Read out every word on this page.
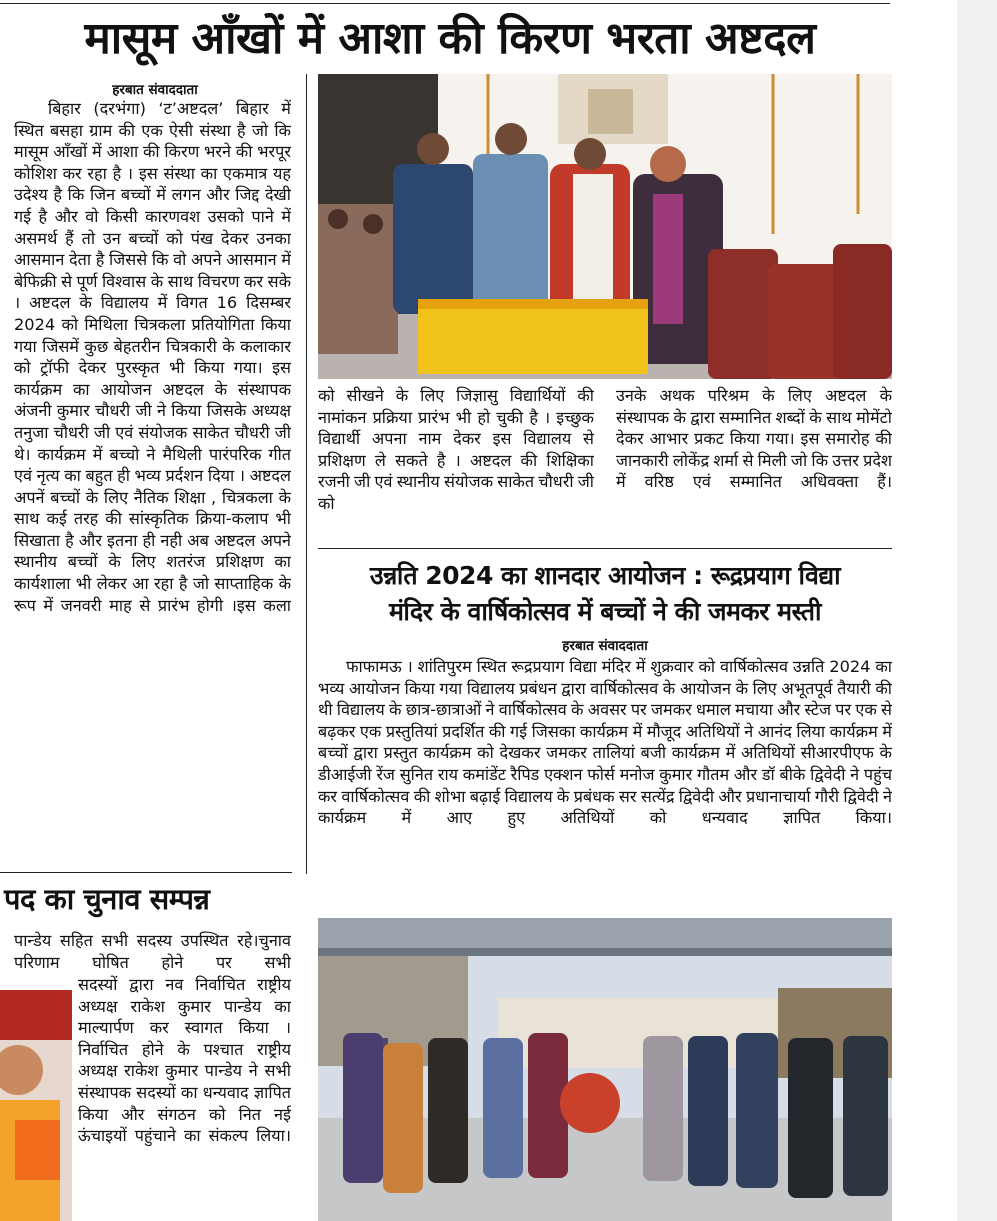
मासूम आँखों में आशा की किरण भरता अष्टदल
हरबात संवाददाता

बिहार (दरभंगा) ‘ट’अष्टदल’ बिहार में स्थित बसहा ग्राम की एक ऐसी संस्था है जो कि मासूम आँखों में आशा की किरण भरने की भरपूर कोशिश कर रहा है । इस संस्था का एकमात्र यह उदेश्य है कि जिन बच्चों में लगन और जिद्द देखी गई है और वो किसी कारणवश उसको पाने में असमर्थ हैं तो उन बच्चों को पंख देकर उनका आसमान देता है जिससे कि वो अपने आसमान में बेफिक्री से पूर्ण विश्वास के साथ विचरण कर सके । अष्टदल के विद्यालय में विगत 16 दिसम्बर 2024 को मिथिला चित्रकला प्रतियोगिता किया गया जिसमें कुछ बेहतरीन चित्रकारी के कलाकार को ट्रॉफी देकर पुरस्कृत भी किया गया। इस कार्यक्रम का आयोजन अष्टदल के संस्थापक अंजनी कुमार चौधरी जी ने किया जिसके अध्यक्ष तनुजा चौधरी जी एवं संयोजक साकेत चौधरी जी थे। कार्यक्रम में बच्चो ने मैथिली पारंपरिक गीत एवं नृत्य का बहुत ही भव्य प्रर्दशन दिया । अष्टदल अपनें बच्चों के लिए नैतिक शिक्षा , चित्रकला के साथ कई तरह की सांस्कृतिक क्रिया-कलाप भी सिखाता है और इतना ही नही अब अष्टदल अपने स्थानीय बच्चों के लिए शतरंज प्रशिक्षण का कार्यशाला भी लेकर आ रहा है जो साप्ताहिक के रूप में जनवरी माह से प्रारंभ होगी ।इस कला

को सीखने के लिए जिज्ञासु विद्यार्थियों की नामांकन प्रक्रिया प्रारंभ भी हो चुकी है । इच्छुक विद्यार्थी अपना नाम देकर इस विद्यालय से प्रशिक्षण ले सकते है । अष्टदल की शिक्षिका रजनी जी एवं स्थानीय संयोजक साकेत चौधरी जी को

उनके अथक परिश्रम के लिए अष्टदल के संस्थापक के द्वारा सम्मानित शब्दों के साथ मोमेंटो देकर आभार प्रकट किया गया। इस समारोह की जानकारी लोकेंद्र शर्मा से मिली जो कि उत्तर प्रदेश में वरिष्ठ एवं सम्मानित अधिवक्ता हैं।

उन्नति 2024 का शानदार आयोजन : रूद्रप्रयाग विद्या
मंदिर के वार्षिकोत्सव में बच्चों ने की जमकर मस्ती
हरबात संवाददाता

फाफामऊ । शांतिपुरम स्थित रूद्रप्रयाग विद्या मंदिर में शुक्रवार को वार्षिकोत्सव उन्नति 2024 का भव्य आयोजन किया गया विद्यालय प्रबंधन द्वारा वार्षिकोत्सव के आयोजन के लिए अभूतपूर्व तैयारी की थी विद्यालय के छात्र-छात्राओं ने वार्षिकोत्सव के अवसर पर जमकर धमाल मचाया और स्टेज पर एक से बढ़कर एक प्रस्तुतियां प्रदर्शित की गई जिसका कार्यक्रम में मौजूद अतिथियों ने आनंद लिया कार्यक्रम में बच्चों द्वारा प्रस्तुत कार्यक्रम को देखकर जमकर तालियां बजी कार्यक्रम में अतिथियों सीआरपीएफ के डीआईजी रेंज सुनित राय कमांडेंट रैपिड एक्शन फोर्स मनोज कुमार गौतम और डॉ बीके द्विवेदी ने पहुंच कर वार्षिकोत्सव की शोभा बढ़ाई विद्यालय के प्रबंधक सर सत्येंद्र द्विवेदी और प्रधानाचार्या गौरी द्विवेदी ने कार्यक्रम में आए हुए अतिथियों को धन्यवाद ज्ञापित किया।

पद का चुनाव सम्पन्न

पान्डेय सहित सभी सदस्य उपस्थित रहे।चुनाव परिणाम घोषित होने पर सभी

सदस्यों द्वारा नव निर्वाचित राष्ट्रीय अध्यक्ष राकेश कुमार पान्डेय का माल्यार्पण कर स्वागत किया । निर्वाचित होने के पश्चात राष्ट्रीय अध्यक्ष राकेश कुमार पान्डेय ने सभी संस्थापक सदस्यों का धन्यवाद ज्ञापित किया और संगठन को नित नई ऊंचाइयों पहुंचाने का संकल्प लिया।
